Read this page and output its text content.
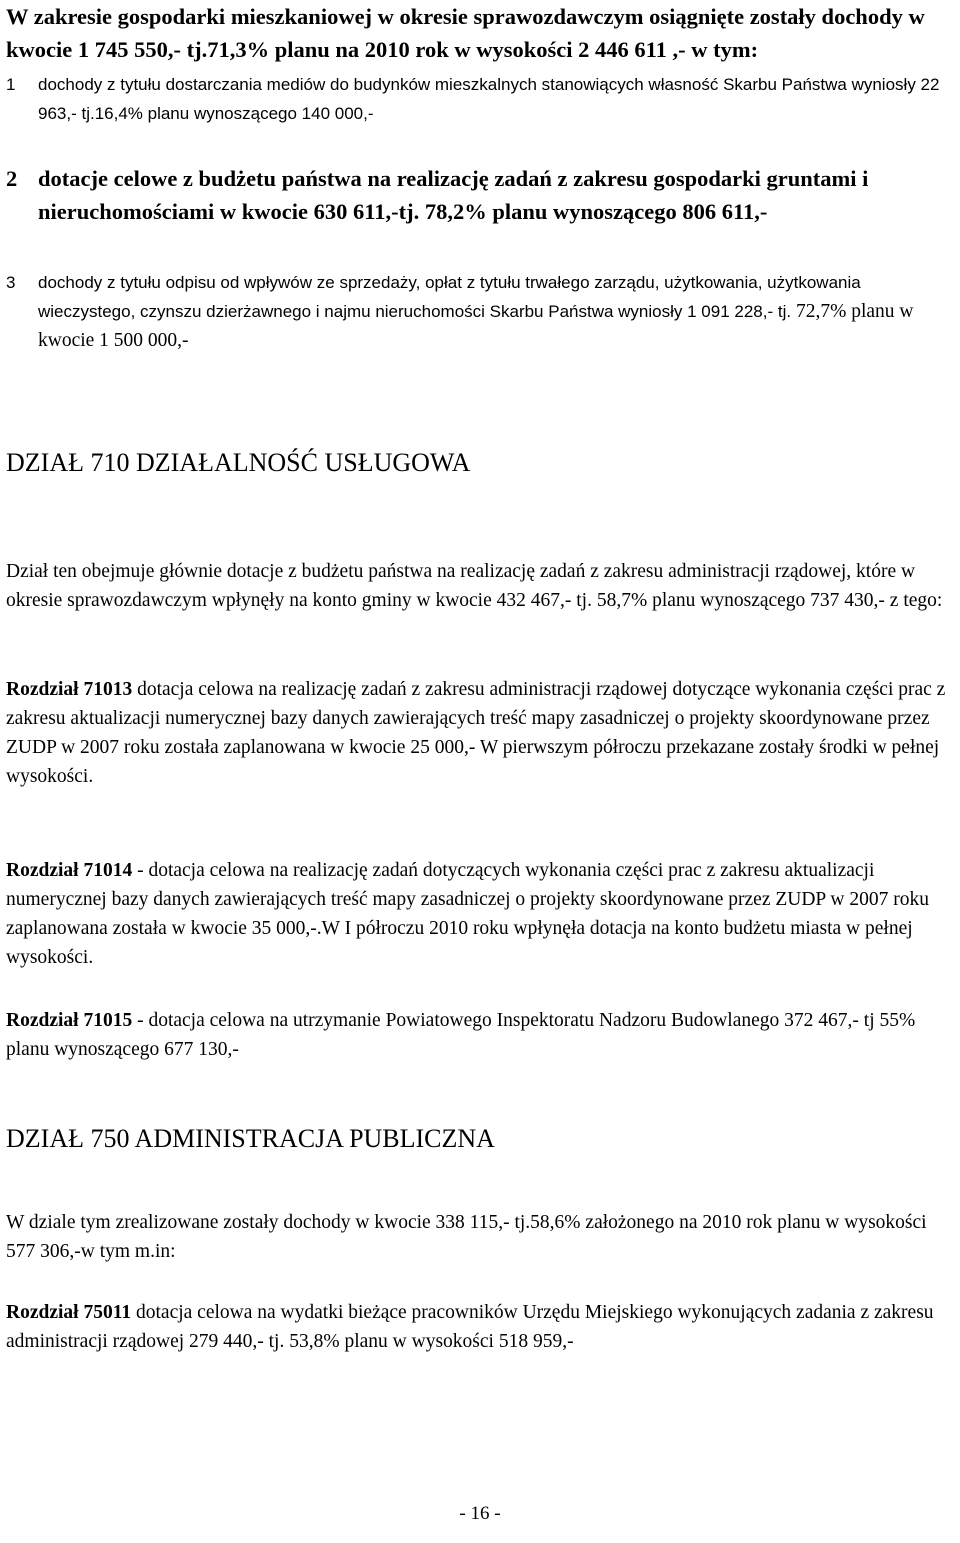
W zakresie gospodarki mieszkaniowej w okresie sprawozdawczym osiągnięte zostały dochody w kwocie 1 745 550,- tj.71,3% planu na 2010 rok w wysokości 2 446 611 ,- w tym:

1	dochody z tytułu dostarczania mediów do budynków mieszkalnych stanowiących własność Skarbu Państwa wyniosły 22 963,- tj.16,4% planu wynoszącego 140 000,-
2 dotacje celowe z budżetu państwa na realizację zadań z zakresu gospodarki gruntami i nieruchomościami w kwocie 630 611,-tj. 78,2% planu wynoszącego 806 611,-
3	dochody z tytułu odpisu od wpływów ze sprzedaży, opłat z tytułu trwałego zarządu, użytkowania, użytkowania wieczystego, czynszu dzierżawnego i najmu nieruchomości Skarbu Państwa wyniosły 1 091 228,- tj. 72,7% planu w kwocie 1 500 000,-
DZIAŁ 710 DZIAŁALNOŚĆ USŁUGOWA

Dział ten obejmuje głównie dotacje z budżetu państwa na realizację zadań z zakresu administracji rządowej, które w okresie sprawozdawczym wpłynęły na konto gminy w kwocie 432 467,- tj. 58,7% planu wynoszącego 737 430,- z tego:

Rozdział 71013 dotacja celowa na realizację zadań z zakresu administracji rządowej dotyczące wykonania części prac z zakresu aktualizacji numerycznej bazy danych zawierających treść mapy zasadniczej o projekty skoordynowane przez ZUDP w 2007 roku została zaplanowana w kwocie 25 000,- W pierwszym półroczu przekazane zostały środki w pełnej wysokości.

Rozdział 71014 - dotacja celowa na realizację zadań dotyczących wykonania części prac z zakresu aktualizacji numerycznej bazy danych zawierających treść mapy zasadniczej o projekty skoordynowane przez ZUDP w 2007 roku zaplanowana została w kwocie 35 000,-.W I półroczu 2010 roku wpłynęła dotacja na konto budżetu miasta w pełnej wysokości.

Rozdział 71015 - dotacja celowa na utrzymanie Powiatowego Inspektoratu Nadzoru Budowlanego 372 467,- tj 55% planu wynoszącego 677 130,-

DZIAŁ 750 ADMINISTRACJA PUBLICZNA

W dziale tym zrealizowane zostały dochody w kwocie 338 115,- tj.58,6% założonego na 2010 rok planu w wysokości 577 306,-w tym m.in:

Rozdział 75011 dotacja celowa na wydatki bieżące pracowników Urzędu Miejskiego wykonujących zadania z zakresu administracji rządowej 279 440,- tj. 53,8% planu w wysokości 518 959,-

- 16 -
